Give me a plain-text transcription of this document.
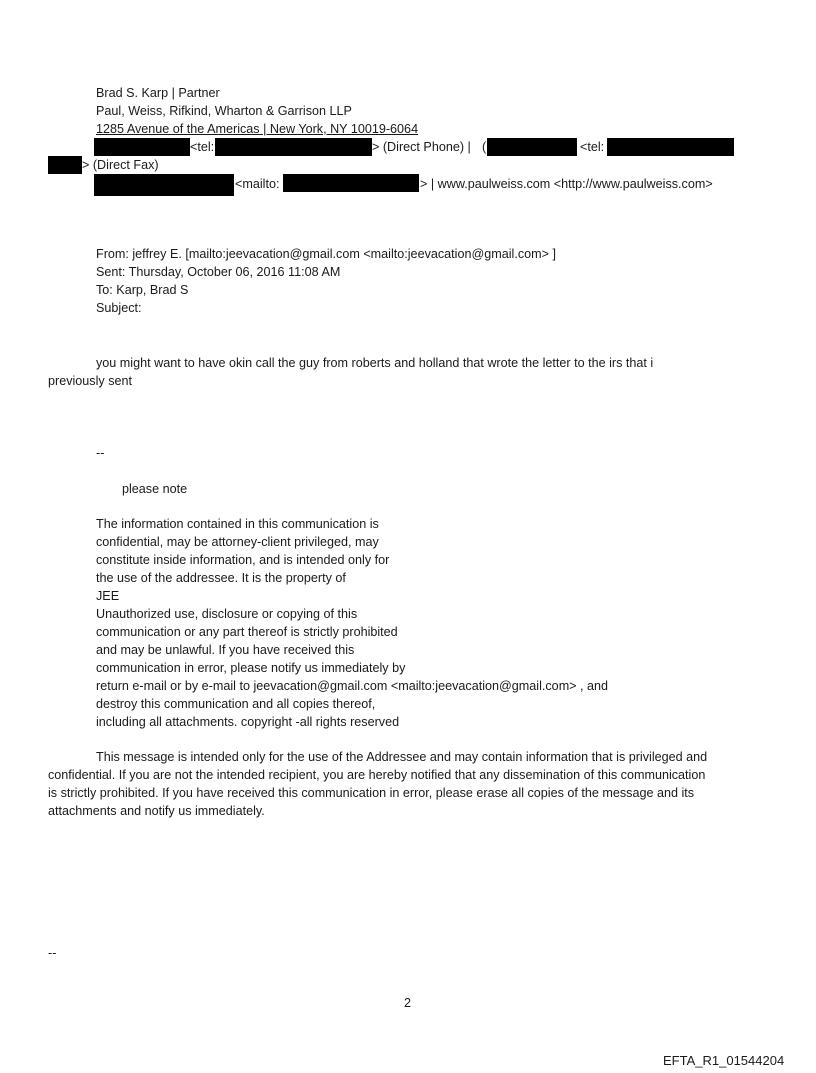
Brad S. Karp | Partner
Paul, Weiss, Rifkind, Wharton & Garrison LLP
1285 Avenue of the Americas | New York, NY 10019-6064
<tel:	> (Direct Phone) | (	<tel:
> (Direct Fax)
<mailto:	> | www.paulweiss.com <http://www.paulweiss.com>
From: jeffrey E. [mailto:jeevacation@gmail.com <mailto:jeevacation@gmail.com> ]
Sent: Thursday, October 06, 2016 11:08 AM
To: Karp, Brad S
Subject:
you might want to have okin call the guy from roberts and holland that wrote the letter to the irs that i
previously sent
--
please note
The information contained in this communication is
confidential, may be attorney-client privileged, may
constitute inside information, and is intended only for
the use of the addressee. It is the property of
JEE
Unauthorized use, disclosure or copying of this
communication or any part thereof is strictly prohibited
and may be unlawful. If you have received this
communication in error, please notify us immediately by
return e-mail or by e-mail to jeevacation@gmail.com <mailto:jeevacation@gmail.com> , and
destroy this communication and all copies thereof,
including all attachments. copyright -all rights reserved
This message is intended only for the use of the Addressee and may contain information that is privileged and
confidential. If you are not the intended recipient, you are hereby notified that any dissemination of this communication
is strictly prohibited. If you have received this communication in error, please erase all copies of the message and its
attachments and notify us immediately.
--
2
EFTA_R1_01544204
